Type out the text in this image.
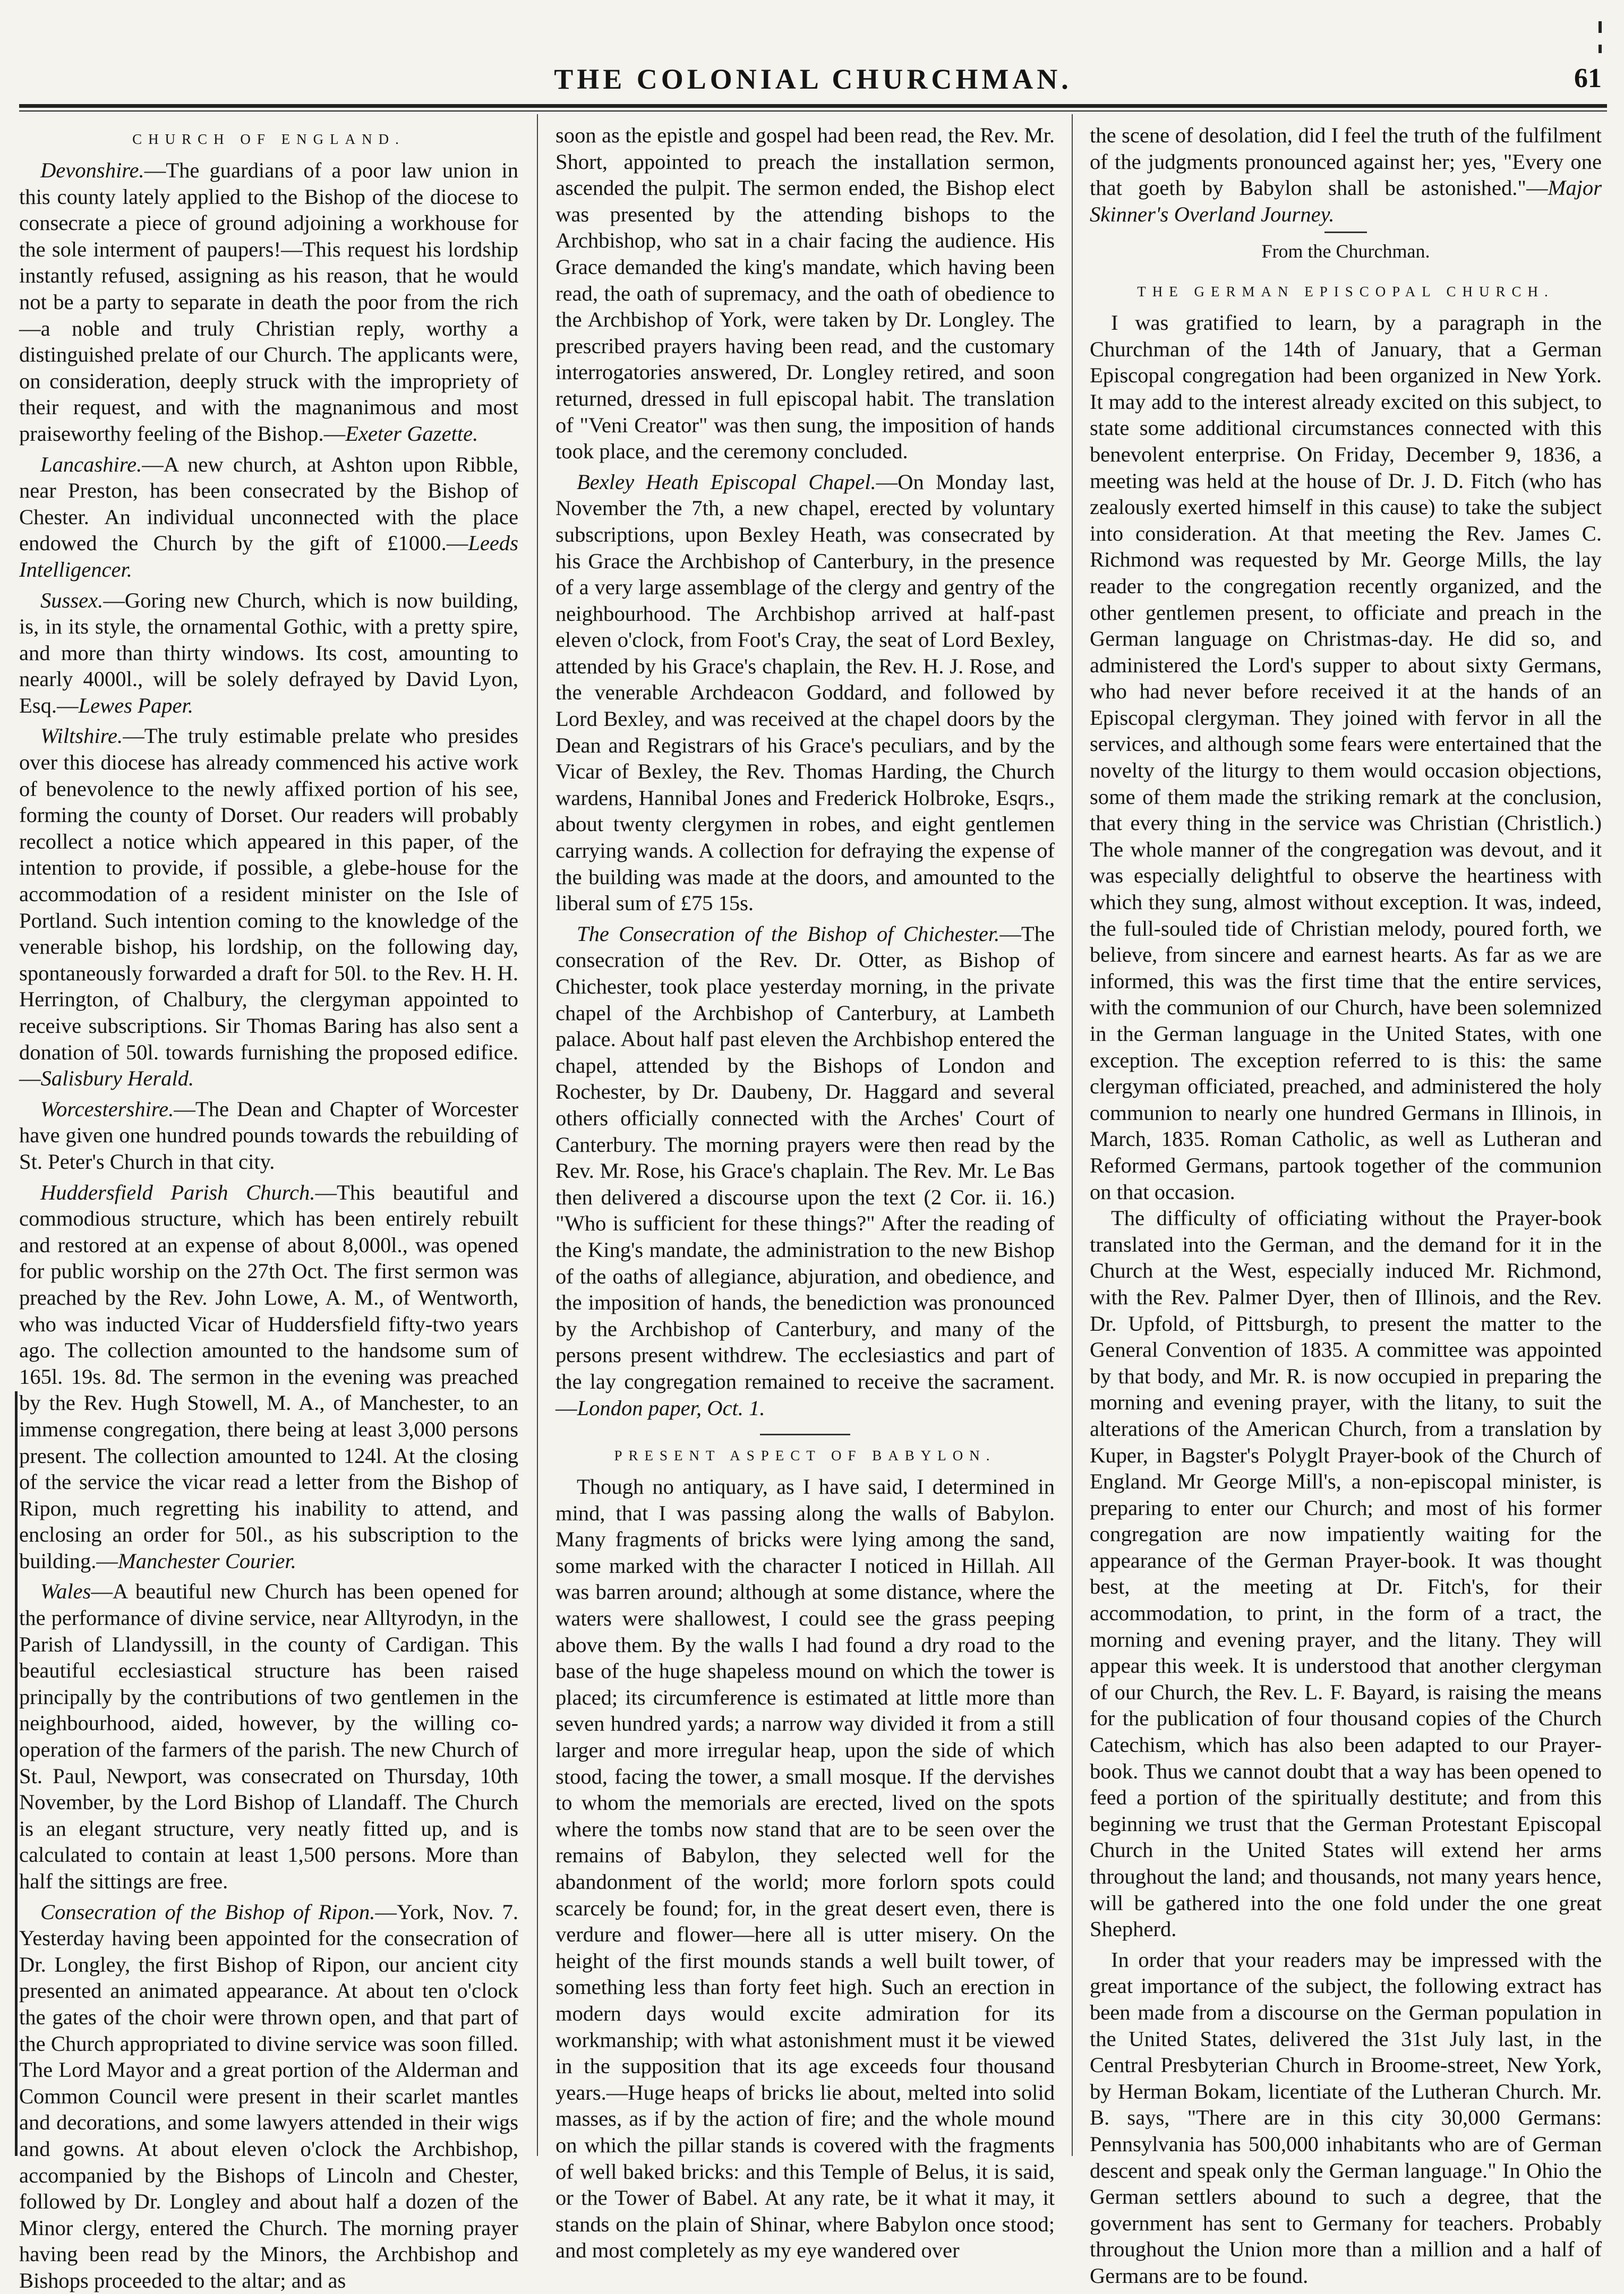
THE COLONIAL CHURCHMAN.	61
CHURCH OF ENGLAND.

Devonshire.—The guardians of a poor law union in this county lately applied to the Bishop of the diocese to consecrate a piece of ground adjoining a workhouse for the sole interment of paupers!—This request his lordship instantly refused, assigning as his reason, that he would not be a party to separate in death the poor from the rich—a noble and truly Christian reply, worthy a distinguished prelate of our Church. The applicants were, on consideration, deeply struck with the impropriety of their request, and with the magnanimous and most praiseworthy feeling of the Bishop.—Exeter Gazette.

Lancashire.—A new church, at Ashton upon Ribble, near Preston, has been consecrated by the Bishop of Chester. An individual unconnected with the place endowed the Church by the gift of £1000.—Leeds Intelligencer.

Sussex.—Goring new Church, which is now building, is, in its style, the ornamental Gothic, with a pretty spire, and more than thirty windows. Its cost, amounting to nearly 4000l., will be solely defrayed by David Lyon, Esq.—Lewes Paper.

Wiltshire.—The truly estimable prelate who presides over this diocese has already commenced his active work of benevolence to the newly affixed portion of his see, forming the county of Dorset. Our readers will probably recollect a notice which appeared in this paper, of the intention to provide, if possible, a glebe-house for the accommodation of a resident minister on the Isle of Portland. Such intention coming to the knowledge of the venerable bishop, his lordship, on the following day, spontaneously forwarded a draft for 50l. to the Rev. H. H. Herrington, of Chalbury, the clergyman appointed to receive subscriptions. Sir Thomas Baring has also sent a donation of 50l. towards furnishing the proposed edifice.—Salisbury Herald.

Worcestershire.—The Dean and Chapter of Worcester have given one hundred pounds towards the rebuilding of St. Peter's Church in that city.

Huddersfield Parish Church.—This beautiful and commodious structure, which has been entirely rebuilt and restored at an expense of about 8,000l., was opened for public worship on the 27th Oct. The first sermon was preached by the Rev. John Lowe, A. M., of Wentworth, who was inducted Vicar of Huddersfield fifty-two years ago. The collection amounted to the handsome sum of 165l. 19s. 8d. The sermon in the evening was preached by the Rev. Hugh Stowell, M. A., of Manchester, to an immense congregation, there being at least 3,000 persons present. The collection amounted to 124l. At the closing of the service the vicar read a letter from the Bishop of Ripon, much regretting his inability to attend, and enclosing an order for 50l., as his subscription to the building.—Manchester Courier.

Wales—A beautiful new Church has been opened for the performance of divine service, near Alltyrodyn, in the Parish of Llandyssill, in the county of Cardigan. This beautiful ecclesiastical structure has been raised principally by the contributions of two gentlemen in the neighbourhood, aided, however, by the willing co-operation of the farmers of the parish. The new Church of St. Paul, Newport, was consecrated on Thursday, 10th November, by the Lord Bishop of Llandaff. The Church is an elegant structure, very neatly fitted up, and is calculated to contain at least 1,500 persons. More than half the sittings are free.

Consecration of the Bishop of Ripon.—York, Nov. 7. Yesterday having been appointed for the consecration of Dr. Longley, the first Bishop of Ripon, our ancient city presented an animated appearance. At about ten o'clock the gates of the choir were thrown open, and that part of the Church appropriated to divine service was soon filled. The Lord Mayor and a great portion of the Alderman and Common Council were present in their scarlet mantles and decorations, and some lawyers attended in their wigs and gowns. At about eleven o'clock the Archbishop, accompanied by the Bishops of Lincoln and Chester, followed by Dr. Longley and about half a dozen of the Minor clergy, entered the Church. The morning prayer having been read by the Minors, the Archbishop and Bishops proceeded to the altar; and as

soon as the epistle and gospel had been read, the Rev. Mr. Short, appointed to preach the installation sermon, ascended the pulpit. The sermon ended, the Bishop elect was presented by the attending bishops to the Archbishop, who sat in a chair facing the audience. His Grace demanded the king's mandate, which having been read, the oath of supremacy, and the oath of obedience to the Archbishop of York, were taken by Dr. Longley. The prescribed prayers having been read, and the customary interrogatories answered, Dr. Longley retired, and soon returned, dressed in full episcopal habit. The translation of "Veni Creator" was then sung, the imposition of hands took place, and the ceremony concluded.

Bexley Heath Episcopal Chapel.—On Monday last, November the 7th, a new chapel, erected by voluntary subscriptions, upon Bexley Heath, was consecrated by his Grace the Archbishop of Canterbury, in the presence of a very large assemblage of the clergy and gentry of the neighbourhood. The Archbishop arrived at half-past eleven o'clock, from Foot's Cray, the seat of Lord Bexley, attended by his Grace's chaplain, the Rev. H. J. Rose, and the venerable Archdeacon Goddard, and followed by Lord Bexley, and was received at the chapel doors by the Dean and Registrars of his Grace's peculiars, and by the Vicar of Bexley, the Rev. Thomas Harding, the Church wardens, Hannibal Jones and Frederick Holbroke, Esqrs., about twenty clergymen in robes, and eight gentlemen carrying wands. A collection for defraying the expense of the building was made at the doors, and amounted to the liberal sum of £75 15s.

The Consecration of the Bishop of Chichester.—The consecration of the Rev. Dr. Otter, as Bishop of Chichester, took place yesterday morning, in the private chapel of the Archbishop of Canterbury, at Lambeth palace. About half past eleven the Archbishop entered the chapel, attended by the Bishops of London and Rochester, by Dr. Daubeny, Dr. Haggard and several others officially connected with the Arches' Court of Canterbury. The morning prayers were then read by the Rev. Mr. Rose, his Grace's chaplain. The Rev. Mr. Le Bas then delivered a discourse upon the text (2 Cor. ii. 16.) "Who is sufficient for these things?" After the reading of the King's mandate, the administration to the new Bishop of the oaths of allegiance, abjuration, and obedience, and the imposition of hands, the benediction was pronounced by the Archbishop of Canterbury, and many of the persons present withdrew. The ecclesiastics and part of the lay congregation remained to receive the sacrament.—London paper, Oct. 1.

PRESENT ASPECT OF BABYLON.

Though no antiquary, as I have said, I determined in mind, that I was passing along the walls of Babylon. Many fragments of bricks were lying among the sand, some marked with the character I noticed in Hillah. All was barren around; although at some distance, where the waters were shallowest, I could see the grass peeping above them. By the walls I had found a dry road to the base of the huge shapeless mound on which the tower is placed; its circumference is estimated at little more than seven hundred yards; a narrow way divided it from a still larger and more irregular heap, upon the side of which stood, facing the tower, a small mosque. If the dervishes to whom the memorials are erected, lived on the spots where the tombs now stand that are to be seen over the remains of Babylon, they selected well for the abandonment of the world; more forlorn spots could scarcely be found; for, in the great desert even, there is verdure and flower—here all is utter misery. On the height of the first mounds stands a well built tower, of something less than forty feet high. Such an erection in modern days would excite admiration for its workmanship; with what astonishment must it be viewed in the supposition that its age exceeds four thousand years.—Huge heaps of bricks lie about, melted into solid masses, as if by the action of fire; and the whole mound on which the pillar stands is covered with the fragments of well baked bricks: and this Temple of Belus, it is said, or the Tower of Babel. At any rate, be it what it may, it stands on the plain of Shinar, where Babylon once stood; and most completely as my eye wandered over

the scene of desolation, did I feel the truth of the fulfilment of the judgments pronounced against her; yes, "Every one that goeth by Babylon shall be astonished."—Major Skinner's Overland Journey.

From the Churchman.
THE GERMAN EPISCOPAL CHURCH.

I was gratified to learn, by a paragraph in the Churchman of the 14th of January, that a German Episcopal congregation had been organized in New York. It may add to the interest already excited on this subject, to state some additional circumstances connected with this benevolent enterprise. On Friday, December 9, 1836, a meeting was held at the house of Dr. J. D. Fitch (who has zealously exerted himself in this cause) to take the subject into consideration. At that meeting the Rev. James C. Richmond was requested by Mr. George Mills, the lay reader to the congregation recently organized, and the other gentlemen present, to officiate and preach in the German language on Christmas-day. He did so, and administered the Lord's supper to about sixty Germans, who had never before received it at the hands of an Episcopal clergyman. They joined with fervor in all the services, and although some fears were entertained that the novelty of the liturgy to them would occasion objections, some of them made the striking remark at the conclusion, that every thing in the service was Christian (Christlich.) The whole manner of the congregation was devout, and it was especially delightful to observe the heartiness with which they sung, almost without exception. It was, indeed, the full-souled tide of Christian melody, poured forth, we believe, from sincere and earnest hearts. As far as we are informed, this was the first time that the entire services, with the communion of our Church, have been solemnized in the German language in the United States, with one exception. The exception referred to is this: the same clergyman officiated, preached, and administered the holy communion to nearly one hundred Germans in Illinois, in March, 1835. Roman Catholic, as well as Lutheran and Reformed Germans, partook together of the communion on that occasion.

The difficulty of officiating without the Prayer-book translated into the German, and the demand for it in the Church at the West, especially induced Mr. Richmond, with the Rev. Palmer Dyer, then of Illinois, and the Rev. Dr. Upfold, of Pittsburgh, to present the matter to the General Convention of 1835. A committee was appointed by that body, and Mr. R. is now occupied in preparing the morning and evening prayer, with the litany, to suit the alterations of the American Church, from a translation by Kuper, in Bagster's Polyglt Prayer-book of the Church of England. Mr George Mill's, a non-episcopal minister, is preparing to enter our Church; and most of his former congregation are now impatiently waiting for the appearance of the German Prayer-book. It was thought best, at the meeting at Dr. Fitch's, for their accommodation, to print, in the form of a tract, the morning and evening prayer, and the litany. They will appear this week. It is understood that another clergyman of our Church, the Rev. L. F. Bayard, is raising the means for the publication of four thousand copies of the Church Catechism, which has also been adapted to our Prayer-book. Thus we cannot doubt that a way has been opened to feed a portion of the spiritually destitute; and from this beginning we trust that the German Protestant Episcopal Church in the United States will extend her arms throughout the land; and thousands, not many years hence, will be gathered into the one fold under the one great Shepherd.

In order that your readers may be impressed with the great importance of the subject, the following extract has been made from a discourse on the German population in the United States, delivered the 31st July last, in the Central Presbyterian Church in Broome-street, New York, by Herman Bokam, licentiate of the Lutheran Church. Mr. B. says, "There are in this city 30,000 Germans: Pennsylvania has 500,000 inhabitants who are of German descent and speak only the German language." In Ohio the German settlers abound to such a degree, that the government has sent to Germany for teachers. Probably throughout the Union more than a million and a half of Germans are to be found.
